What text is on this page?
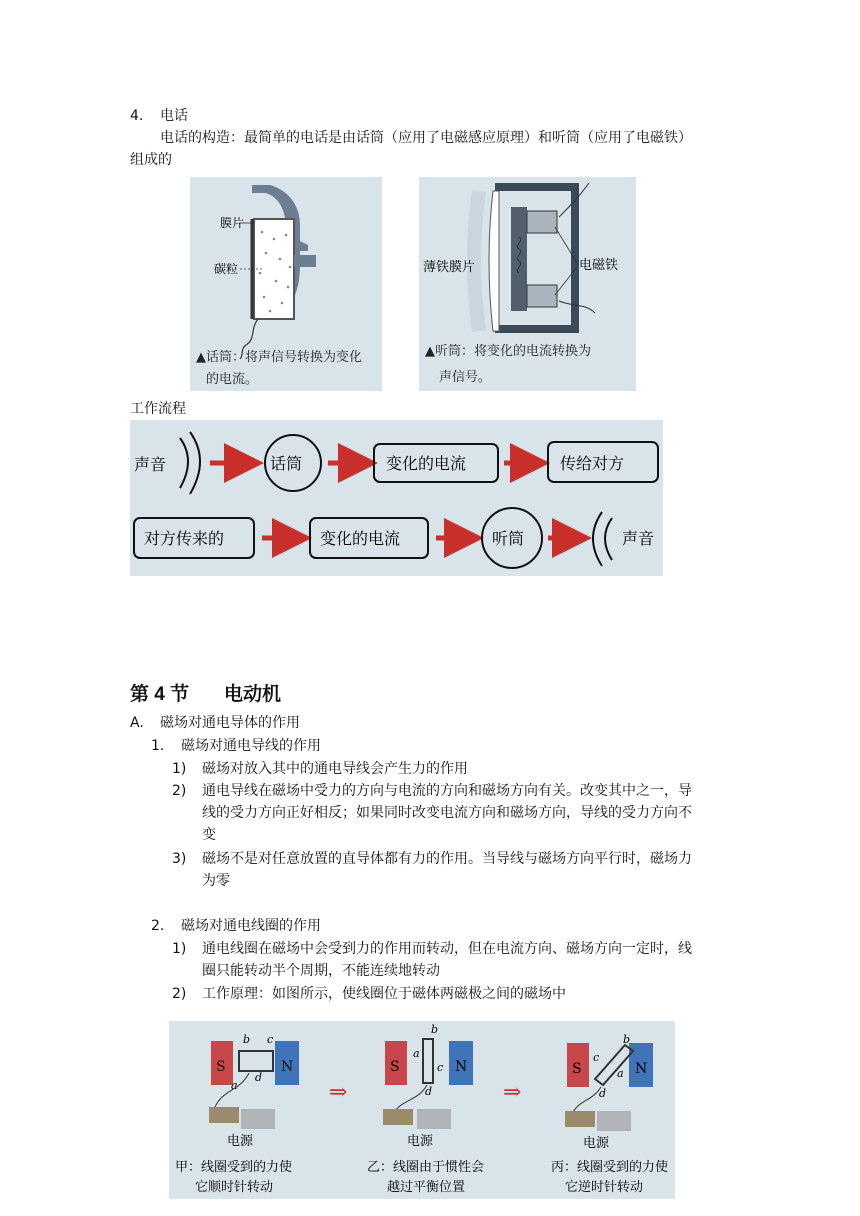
4. 电话
电话的构造：最简单的电话是由话筒（应用了电磁感应原理）和听筒（应用了电磁铁）
组成的
膜片
碳粒
▲话筒：将声信号转换为变化
的电流。
薄铁膜片	电磁铁
▲听筒：将变化的电流转换为
声信号。
工作流程
声音	话筒	变化的电流	传给对方
对方传来的	变化的电流	听筒	声音
第 4 节 电动机
A. 磁场对通电导体的作用
1. 磁场对通电导线的作用
1) 磁场对放入其中的通电导线会产生力的作用
2) 通电导线在磁场中受力的方向与电流的方向和磁场方向有关。改变其中之一，导
线的受力方向正好相反；如果同时改变电流方向和磁场方向，导线的受力方向不
变
3) 磁场不是对任意放置的直导体都有力的作用。当导线与磁场方向平行时，磁场力
为零
2. 磁场对通电线圈的作用
1) 通电线圈在磁场中会受到力的作用而转动，但在电流方向、磁场方向一定时，线
圈只能转动半个周期，不能连续地转动
2) 工作原理：如图所示，使线圈位于磁体两磁极之间的磁场中
S	N
b c
a
d
电源
甲：线圈受到的力使
它顺时针转动
⇒
S	N
b
a
c
d
电源
乙：线圈由于惯性会
越过平衡位置
⇒
S	N
b
c
a
d
电源
丙：线圈受到的力使
它逆时针转动
